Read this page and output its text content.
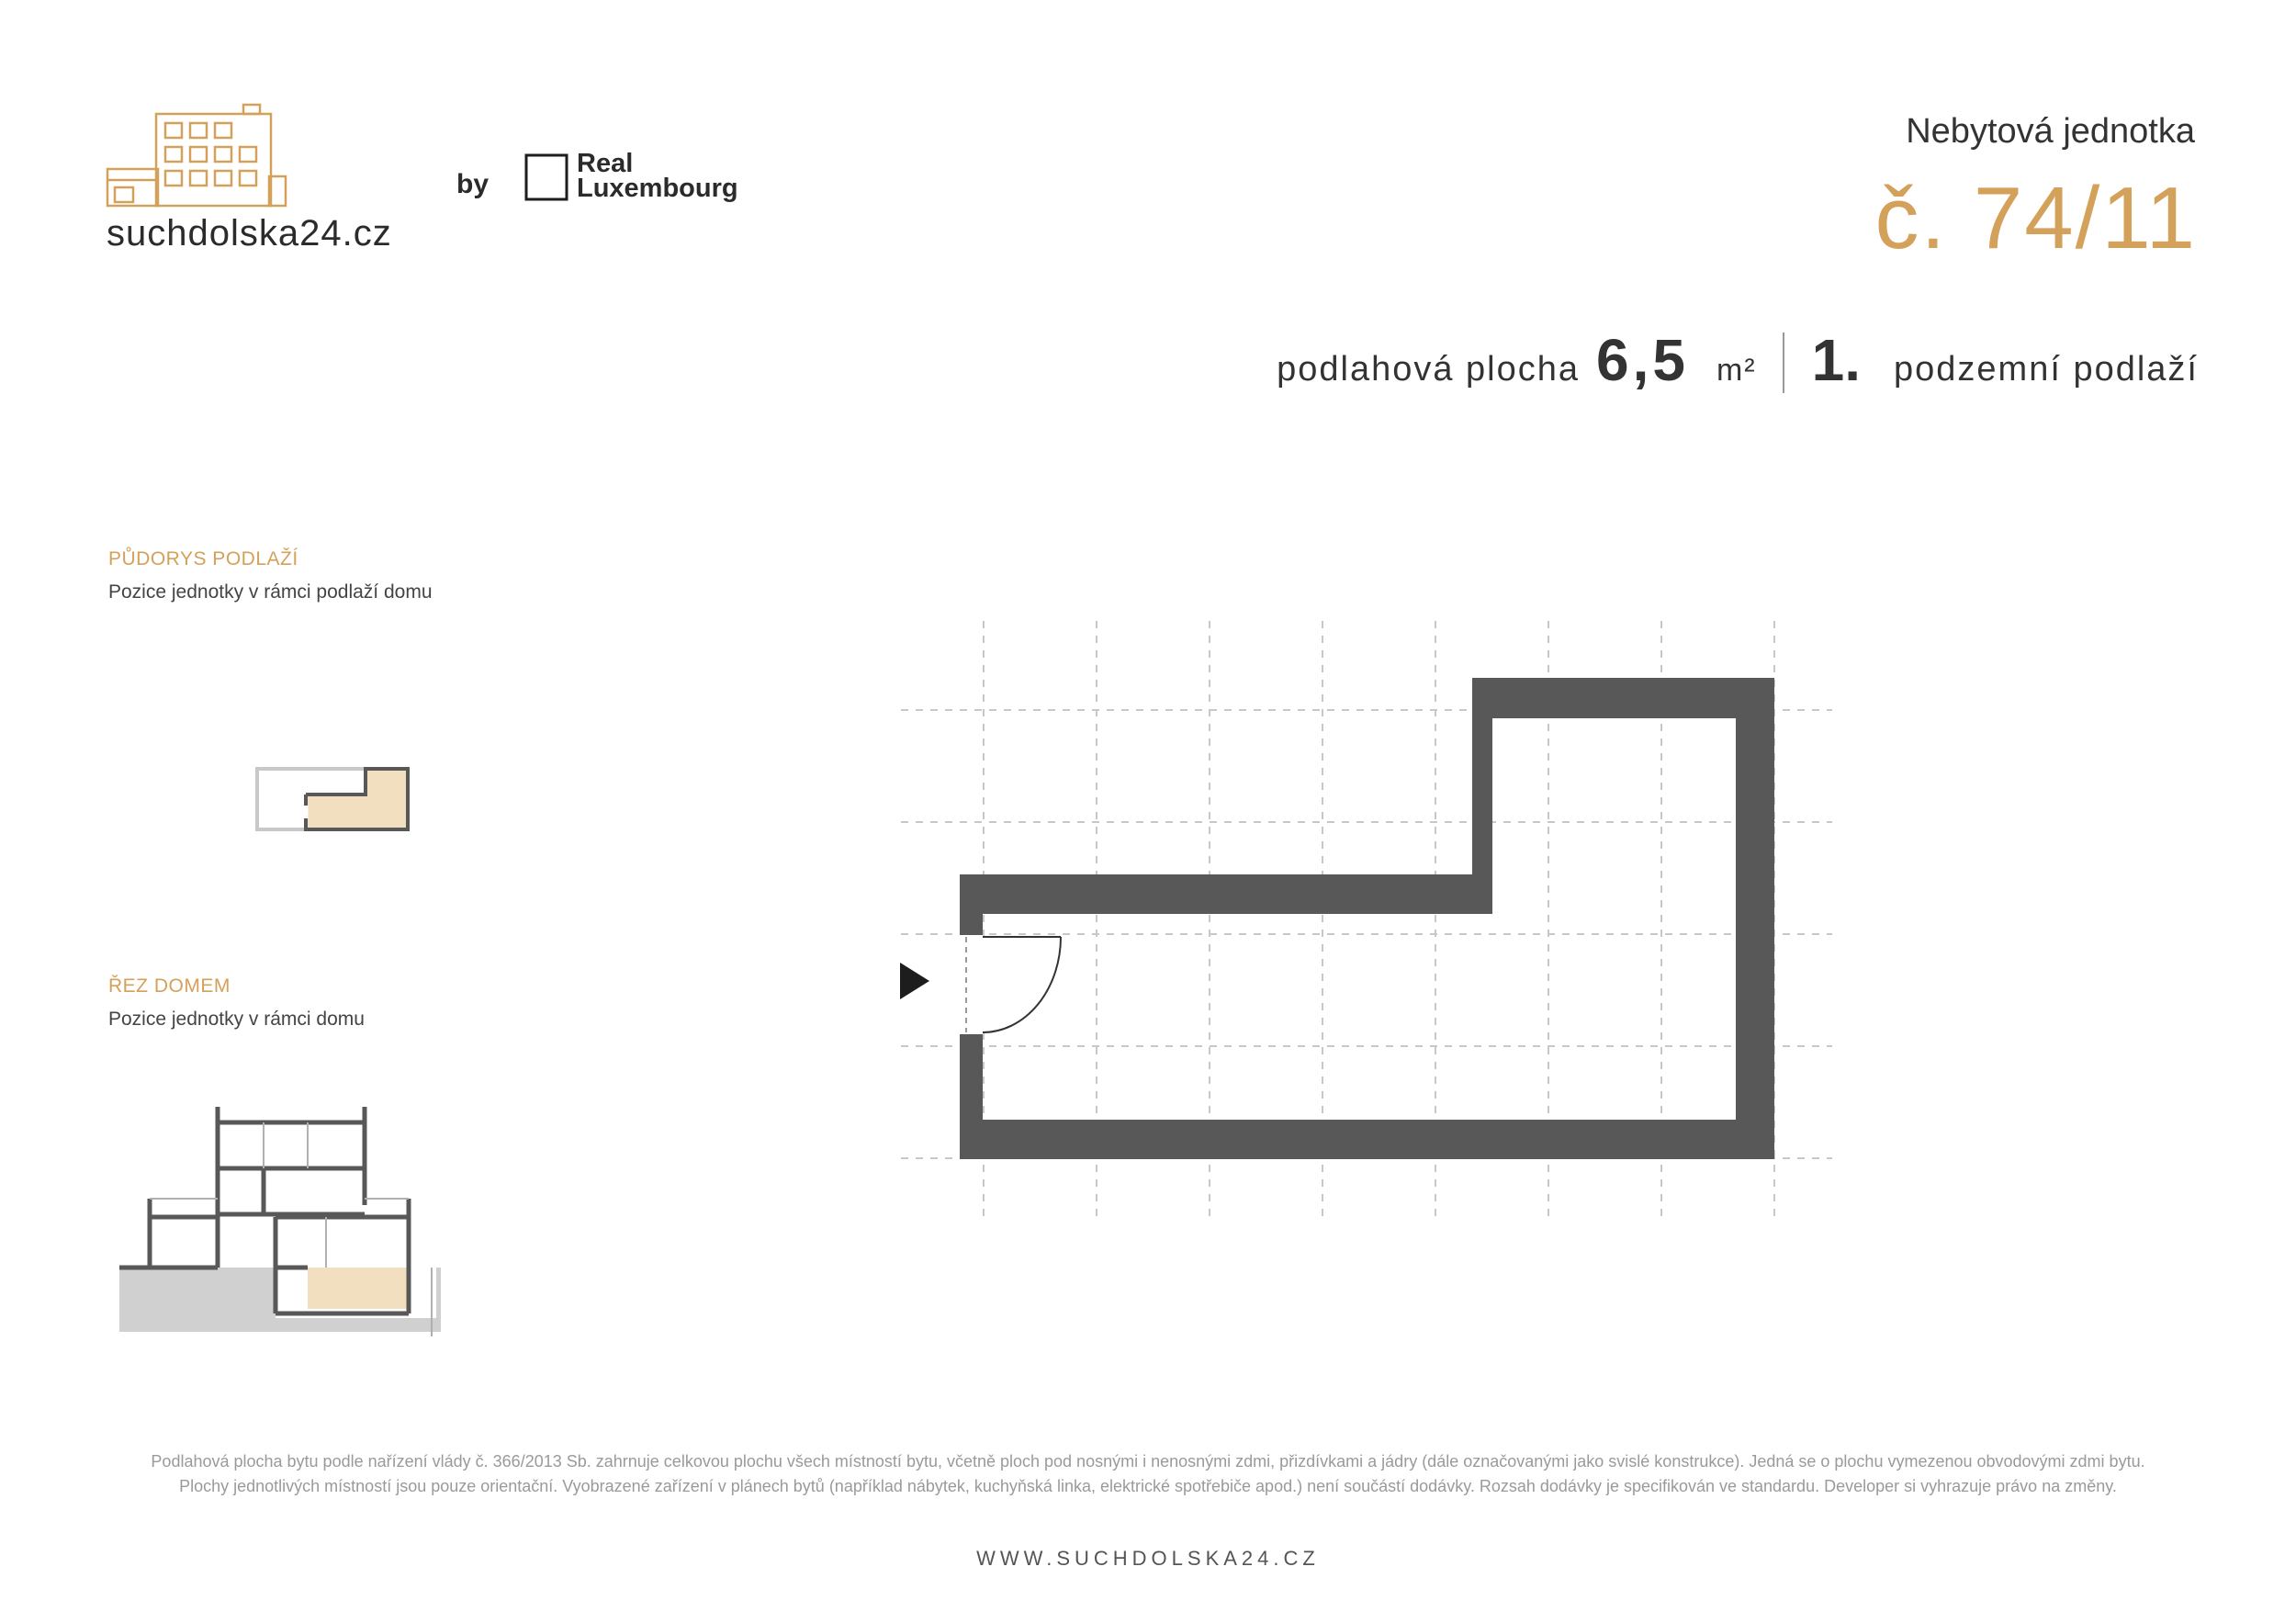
suchdolska24.cz
by
Real
Luxembourg
Nebytová jednotka
č. 74/11
podlahová plocha 6,5 m² 1. podzemní podlaží
PŮDORYS PODLAŽÍ
Pozice jednotky v rámci podlaží domu
ŘEZ DOMEM
Pozice jednotky v rámci domu
Podlahová plocha bytu podle nařízení vlády č. 366/2013 Sb. zahrnuje celkovou plochu všech místností bytu, včetně ploch pod nosnými i nenosnými zdmi, přizdívkami a jádry (dále označovanými jako svislé konstrukce). Jedná se o plochu vymezenou obvodovými zdmi bytu. Plochy jednotlivých místností jsou pouze orientační. Vyobrazené zařízení v plánech bytů (například nábytek, kuchyňská linka, elektrické spotřebiče apod.) není součástí dodávky. Rozsah dodávky je specifikován ve standardu. Developer si vyhrazuje právo na změny.
WWW.SUCHDOLSKA24.CZ
